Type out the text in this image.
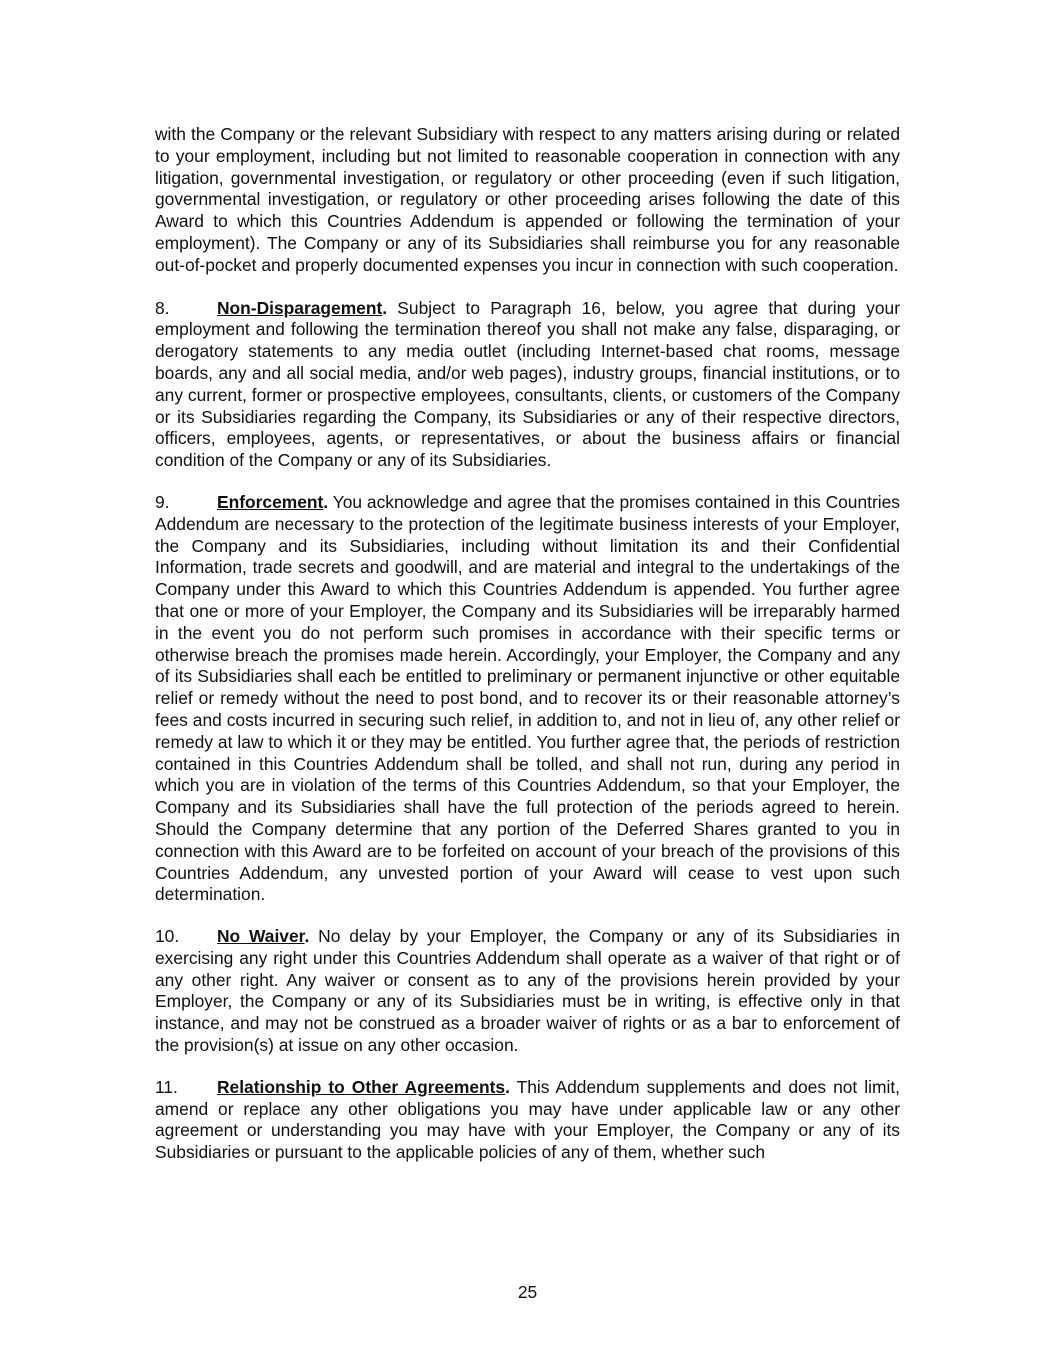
with the Company or the relevant Subsidiary with respect to any matters arising during or related to your employment, including but not limited to reasonable cooperation in connection with any litigation, governmental investigation, or regulatory or other proceeding (even if such litigation, governmental investigation, or regulatory or other proceeding arises following the date of this Award to which this Countries Addendum is appended or following the termination of your employment). The Company or any of its Subsidiaries shall reimburse you for any reasonable out-of-pocket and properly documented expenses you incur in connection with such cooperation.

8.	Non-Disparagement. Subject to Paragraph 16, below, you agree that during your employment and following the termination thereof you shall not make any false, disparaging, or derogatory statements to any media outlet (including Internet-based chat rooms, message boards, any and all social media, and/or web pages), industry groups, financial institutions, or to any current, former or prospective employees, consultants, clients, or customers of the Company or its Subsidiaries regarding the Company, its Subsidiaries or any of their respective directors, officers, employees, agents, or representatives, or about the business affairs or financial condition of the Company or any of its Subsidiaries.

9.	Enforcement. You acknowledge and agree that the promises contained in this Countries Addendum are necessary to the protection of the legitimate business interests of your Employer, the Company and its Subsidiaries, including without limitation its and their Confidential Information, trade secrets and goodwill, and are material and integral to the undertakings of the Company under this Award to which this Countries Addendum is appended. You further agree that one or more of your Employer, the Company and its Subsidiaries will be irreparably harmed in the event you do not perform such promises in accordance with their specific terms or otherwise breach the promises made herein. Accordingly, your Employer, the Company and any of its Subsidiaries shall each be entitled to preliminary or permanent injunctive or other equitable relief or remedy without the need to post bond, and to recover its or their reasonable attorney’s fees and costs incurred in securing such relief, in addition to, and not in lieu of, any other relief or remedy at law to which it or they may be entitled. You further agree that, the periods of restriction contained in this Countries Addendum shall be tolled, and shall not run, during any period in which you are in violation of the terms of this Countries Addendum, so that your Employer, the Company and its Subsidiaries shall have the full protection of the periods agreed to herein. Should the Company determine that any portion of the Deferred Shares granted to you in connection with this Award are to be forfeited on account of your breach of the provisions of this Countries Addendum, any unvested portion of your Award will cease to vest upon such determination.

10. No Waiver. No delay by your Employer, the Company or any of its Subsidiaries in exercising any right under this Countries Addendum shall operate as a waiver of that right or of any other right. Any waiver or consent as to any of the provisions herein provided by your Employer, the Company or any of its Subsidiaries must be in writing, is effective only in that instance, and may not be construed as a broader waiver of rights or as a bar to enforcement of the provision(s) at issue on any other occasion.

11. Relationship to Other Agreements. This Addendum supplements and does not limit, amend or replace any other obligations you may have under applicable law or any other agreement or understanding you may have with your Employer, the Company or any of its Subsidiaries or pursuant to the applicable policies of any of them, whether such

25
